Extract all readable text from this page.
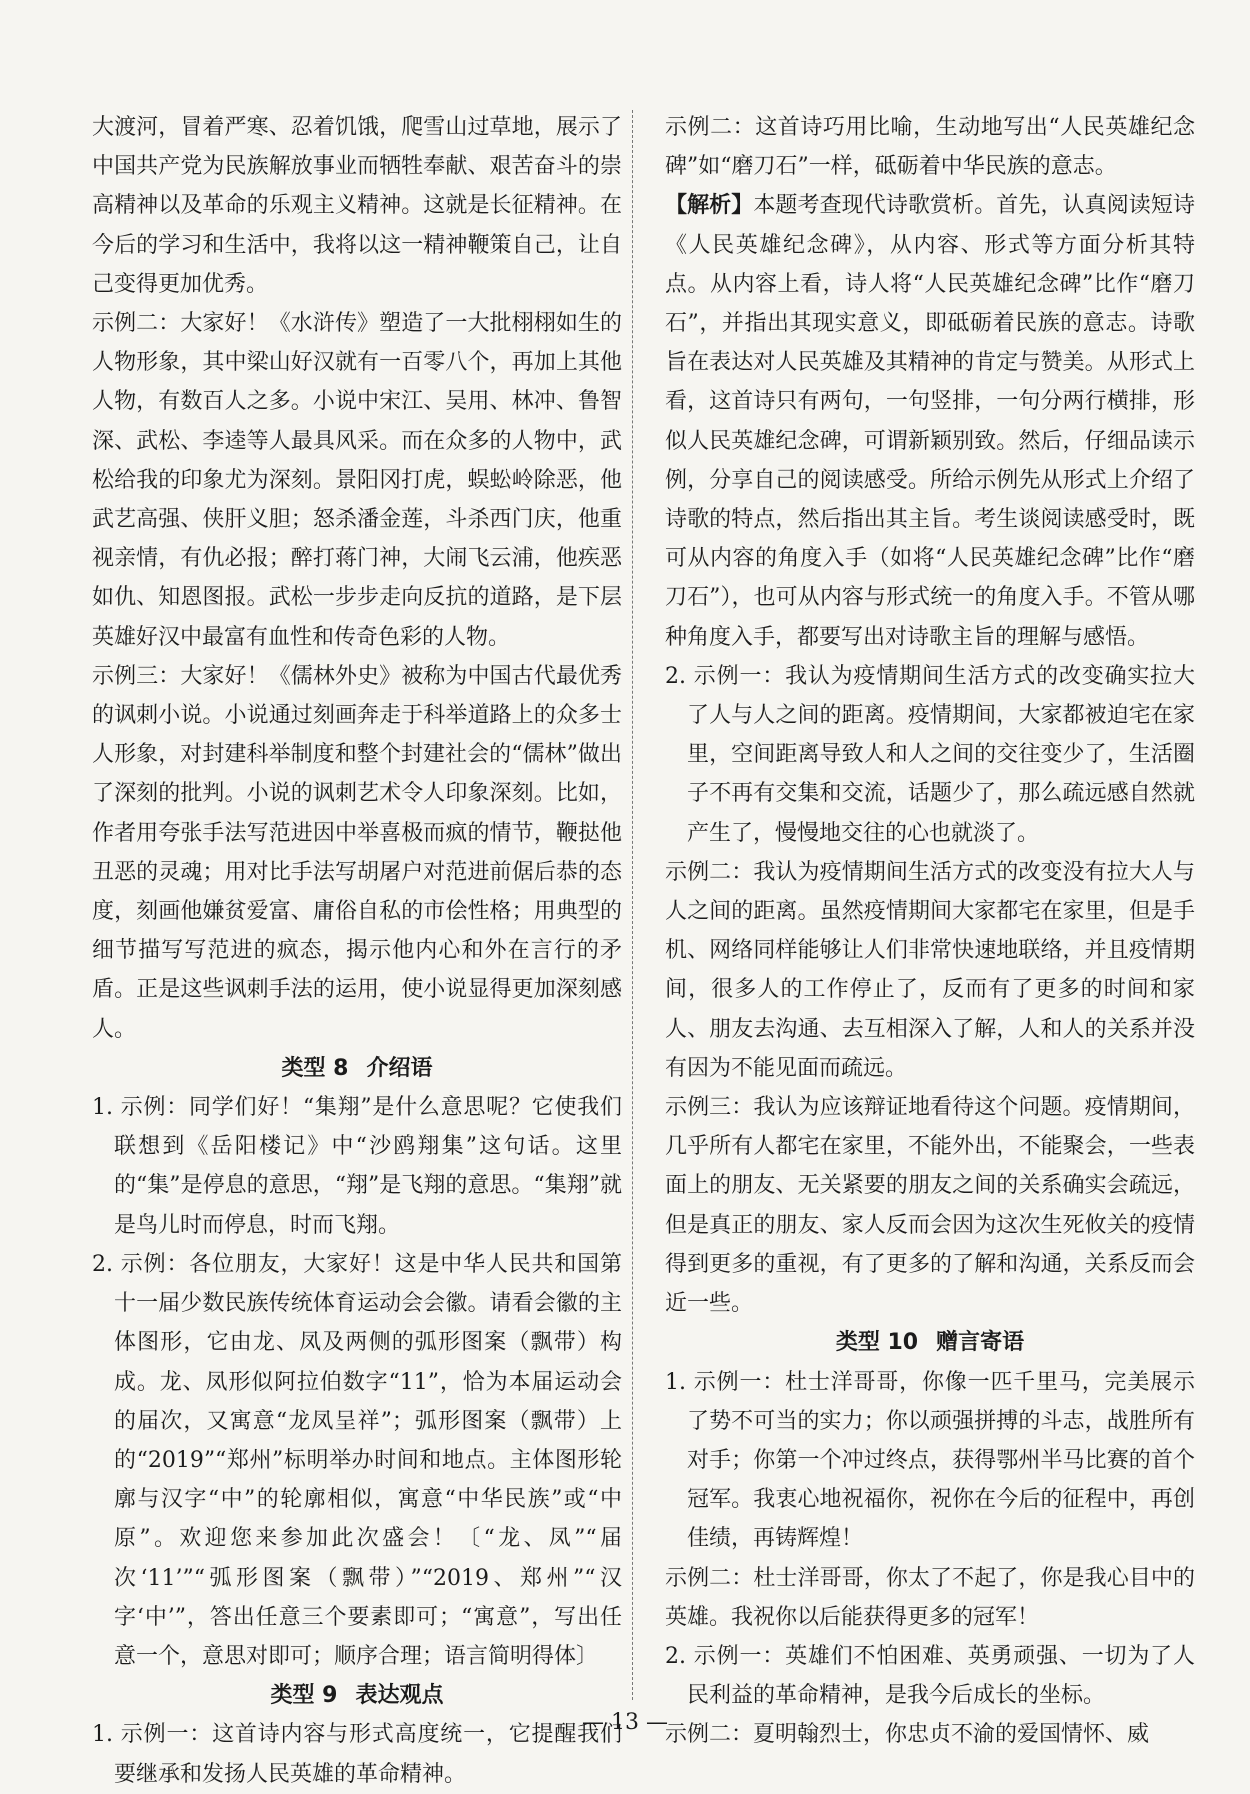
大渡河，冒着严寒、忍着饥饿，爬雪山过草地，展示了中国共产党为民族解放事业而牺牲奉献、艰苦奋斗的崇高精神以及革命的乐观主义精神。这就是长征精神。在今后的学习和生活中，我将以这一精神鞭策自己，让自己变得更加优秀。

示例二：大家好！《水浒传》塑造了一大批栩栩如生的人物形象，其中梁山好汉就有一百零八个，再加上其他人物，有数百人之多。小说中宋江、吴用、林冲、鲁智深、武松、李逵等人最具风采。而在众多的人物中，武松给我的印象尤为深刻。景阳冈打虎，蜈蚣岭除恶，他武艺高强、侠肝义胆；怒杀潘金莲，斗杀西门庆，他重视亲情，有仇必报；醉打蒋门神，大闹飞云浦，他疾恶如仇、知恩图报。武松一步步走向反抗的道路，是下层英雄好汉中最富有血性和传奇色彩的人物。

示例三：大家好！《儒林外史》被称为中国古代最优秀的讽刺小说。小说通过刻画奔走于科举道路上的众多士人形象，对封建科举制度和整个封建社会的“儒林”做出了深刻的批判。小说的讽刺艺术令人印象深刻。比如，作者用夸张手法写范进因中举喜极而疯的情节，鞭挞他丑恶的灵魂；用对比手法写胡屠户对范进前倨后恭的态度，刻画他嫌贫爱富、庸俗自私的市侩性格；用典型的细节描写写范进的疯态，揭示他内心和外在言行的矛盾。正是这些讽刺手法的运用，使小说显得更加深刻感人。

类型 8 介绍语

1. 示例：同学们好！“集翔”是什么意思呢？它使我们联想到《岳阳楼记》中“沙鸥翔集”这句话。这里的“集”是停息的意思，“翔”是飞翔的意思。“集翔”就是鸟儿时而停息，时而飞翔。

2. 示例：各位朋友，大家好！这是中华人民共和国第十一届少数民族传统体育运动会会徽。请看会徽的主体图形，它由龙、凤及两侧的弧形图案（飘带）构成。龙、凤形似阿拉伯数字“11”，恰为本届运动会的届次，又寓意“龙凤呈祥”；弧形图案（飘带）上的“2019”“郑州”标明举办时间和地点。主体图形轮廓与汉字“中”的轮廓相似，寓意“中华民族”或“中原”。欢迎您来参加此次盛会！〔“龙、凤”“届次‘11’”“弧形图案（飘带）”“2019、郑州”“汉字‘中’”，答出任意三个要素即可；“寓意”，写出任意一个，意思对即可；顺序合理；语言简明得体〕

类型 9 表达观点

1. 示例一：这首诗内容与形式高度统一，它提醒我们要继承和发扬人民英雄的革命精神。

示例二：这首诗巧用比喻，生动地写出“人民英雄纪念碑”如“磨刀石”一样，砥砺着中华民族的意志。

【解析】本题考查现代诗歌赏析。首先，认真阅读短诗《人民英雄纪念碑》，从内容、形式等方面分析其特点。从内容上看，诗人将“人民英雄纪念碑”比作“磨刀石”，并指出其现实意义，即砥砺着民族的意志。诗歌旨在表达对人民英雄及其精神的肯定与赞美。从形式上看，这首诗只有两句，一句竖排，一句分两行横排，形似人民英雄纪念碑，可谓新颖别致。然后，仔细品读示例，分享自己的阅读感受。所给示例先从形式上介绍了诗歌的特点，然后指出其主旨。考生谈阅读感受时，既可从内容的角度入手（如将“人民英雄纪念碑”比作“磨刀石”），也可从内容与形式统一的角度入手。不管从哪种角度入手，都要写出对诗歌主旨的理解与感悟。

2. 示例一：我认为疫情期间生活方式的改变确实拉大了人与人之间的距离。疫情期间，大家都被迫宅在家里，空间距离导致人和人之间的交往变少了，生活圈子不再有交集和交流，话题少了，那么疏远感自然就产生了，慢慢地交往的心也就淡了。

示例二：我认为疫情期间生活方式的改变没有拉大人与人之间的距离。虽然疫情期间大家都宅在家里，但是手机、网络同样能够让人们非常快速地联络，并且疫情期间，很多人的工作停止了，反而有了更多的时间和家人、朋友去沟通、去互相深入了解，人和人的关系并没有因为不能见面而疏远。

示例三：我认为应该辩证地看待这个问题。疫情期间，几乎所有人都宅在家里，不能外出，不能聚会，一些表面上的朋友、无关紧要的朋友之间的关系确实会疏远，但是真正的朋友、家人反而会因为这次生死攸关的疫情得到更多的重视，有了更多的了解和沟通，关系反而会近一些。

类型 10 赠言寄语

1. 示例一：杜士洋哥哥，你像一匹千里马，完美展示了势不可当的实力；你以顽强拼搏的斗志，战胜所有对手；你第一个冲过终点，获得鄂州半马比赛的首个冠军。我衷心地祝福你，祝你在今后的征程中，再创佳绩，再铸辉煌！

示例二：杜士洋哥哥，你太了不起了，你是我心目中的英雄。我祝你以后能获得更多的冠军！

2. 示例一：英雄们不怕困难、英勇顽强、一切为了人民利益的革命精神，是我今后成长的坐标。

示例二：夏明翰烈士，你忠贞不渝的爱国情怀、威

— 13 —
